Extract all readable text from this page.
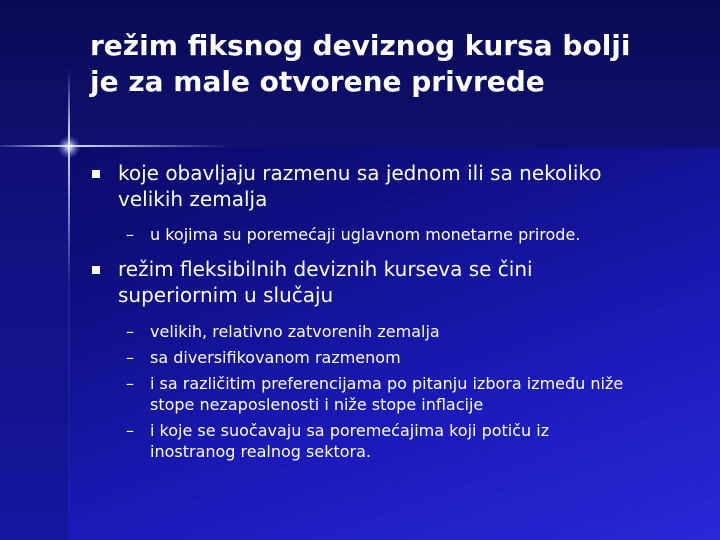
režim fiksnog deviznog kursa bolji
je za male otvorene privrede
koje obavljaju razmenu sa jednom ili sa nekoliko
velikih zemalja
– u kojima su poremećaji uglavnom monetarne prirode.
režim fleksibilnih deviznih kurseva se čini
superiornim u slučaju
– velikih, relativno zatvorenih zemalja
– sa diversifikovanom razmenom
– i sa različitim preferencijama po pitanju izbora između niže
stope nezaposlenosti i niže stope inflacije
– i koje se suočavaju sa poremećajima koji potiču iz
inostranog realnog sektora.
